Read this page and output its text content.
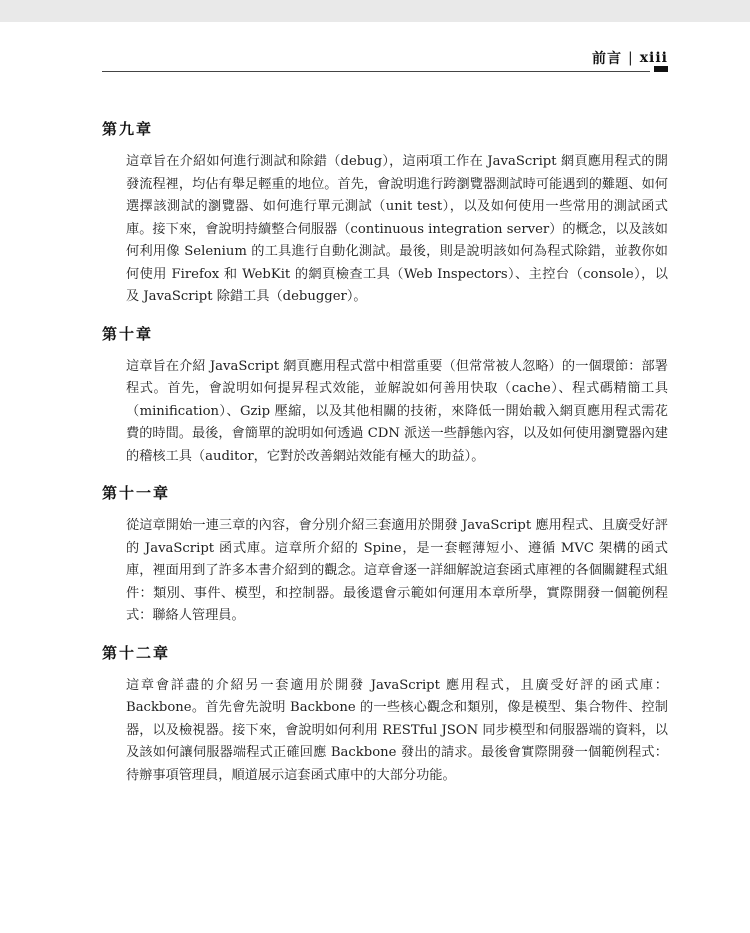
前言 | xiii
第九章

這章旨在介紹如何進行測試和除錯（debug），這兩項工作在 JavaScript 網頁應用程式的開發流程裡，均佔有舉足輕重的地位。首先，會說明進行跨瀏覽器測試時可能遇到的難題、如何選擇該測試的瀏覽器、如何進行單元測試（unit test），以及如何使用一些常用的測試函式庫。接下來，會說明持續整合伺服器（continuous integration server）的概念，以及該如何利用像 Selenium 的工具進行自動化測試。最後，則是說明該如何為程式除錯，並教你如何使用 Firefox 和 WebKit 的網頁檢查工具（Web Inspectors）、主控台（console），以及 JavaScript 除錯工具（debugger）。

第十章

這章旨在介紹 JavaScript 網頁應用程式當中相當重要（但常常被人忽略）的一個環節：部署程式。首先，會說明如何提昇程式效能，並解說如何善用快取（cache）、程式碼精簡工具（minification）、Gzip 壓縮，以及其他相關的技術，來降低一開始載入網頁應用程式需花費的時間。最後，會簡單的說明如何透過 CDN 派送一些靜態內容，以及如何使用瀏覽器內建的稽核工具（auditor，它對於改善網站效能有極大的助益）。

第十一章

從這章開始一連三章的內容，會分別介紹三套適用於開發 JavaScript 應用程式、且廣受好評的 JavaScript 函式庫。這章所介紹的 Spine，是一套輕薄短小、遵循 MVC 架構的函式庫，裡面用到了許多本書介紹到的觀念。這章會逐一詳細解說這套函式庫裡的各個關鍵程式組件：類別、事件、模型，和控制器。最後還會示範如何運用本章所學，實際開發一個範例程式：聯絡人管理員。

第十二章

這章會詳盡的介紹另一套適用於開發 JavaScript 應用程式，且廣受好評的函式庫：Backbone。首先會先說明 Backbone 的一些核心觀念和類別，像是模型、集合物件、控制器，以及檢視器。接下來，會說明如何利用 RESTful JSON 同步模型和伺服器端的資料，以及該如何讓伺服器端程式正確回應 Backbone 發出的請求。最後會實際開發一個範例程式：待辦事項管理員，順道展示這套函式庫中的大部分功能。
